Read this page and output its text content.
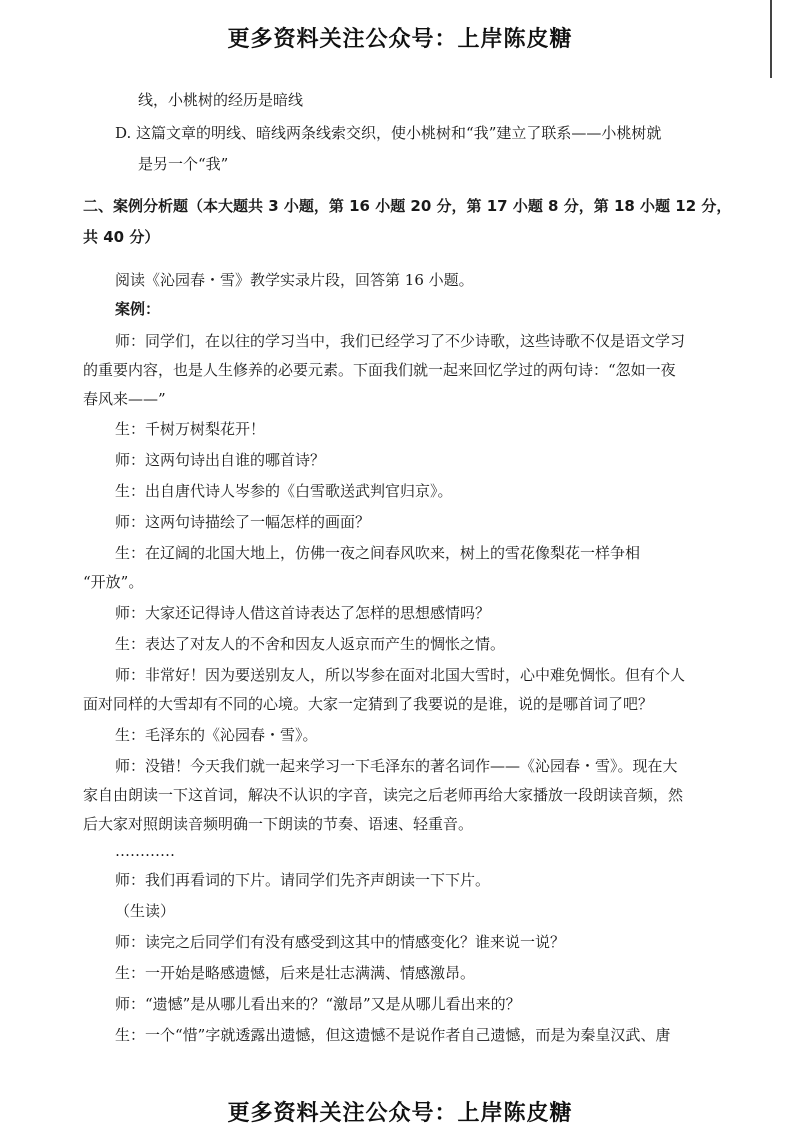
更多资料关注公众号：上岸陈皮糖
线，小桃树的经历是暗线
D. 这篇文章的明线、暗线两条线索交织，使小桃树和“我”建立了联系——小桃树就
是另一个“我”
二、案例分析题（本大题共 3 小题，第 16 小题 20 分，第 17 小题 8 分，第 18 小题 12 分，
共 40 分）
阅读《沁园春・雪》教学实录片段，回答第 16 小题。
案例：
师：同学们，在以往的学习当中，我们已经学习了不少诗歌，这些诗歌不仅是语文学习
的重要内容，也是人生修养的必要元素。下面我们就一起来回忆学过的两句诗：“忽如一夜
春风来——”
生：千树万树梨花开！
师：这两句诗出自谁的哪首诗？
生：出自唐代诗人岑参的《白雪歌送武判官归京》。
师：这两句诗描绘了一幅怎样的画面？
生：在辽阔的北国大地上，仿佛一夜之间春风吹来，树上的雪花像梨花一样争相
“开放”。
师：大家还记得诗人借这首诗表达了怎样的思想感情吗？
生：表达了对友人的不舍和因友人返京而产生的惆怅之情。
师：非常好！因为要送别友人，所以岑参在面对北国大雪时，心中难免惆怅。但有个人
面对同样的大雪却有不同的心境。大家一定猜到了我要说的是谁，说的是哪首词了吧？
生：毛泽东的《沁园春・雪》。
师：没错！今天我们就一起来学习一下毛泽东的著名词作——《沁园春・雪》。现在大
家自由朗读一下这首词，解决不认识的字音，读完之后老师再给大家播放一段朗读音频，然
后大家对照朗读音频明确一下朗读的节奏、语速、轻重音。
…………
师：我们再看词的下片。请同学们先齐声朗读一下下片。
（生读）
师：读完之后同学们有没有感受到这其中的情感变化？谁来说一说？
生：一开始是略感遗憾，后来是壮志满满、情感激昂。
师：“遗憾”是从哪儿看出来的？“激昂”又是从哪儿看出来的？
生：一个“惜”字就透露出遗憾，但这遗憾不是说作者自己遗憾，而是为秦皇汉武、唐
更多资料关注公众号：上岸陈皮糖
